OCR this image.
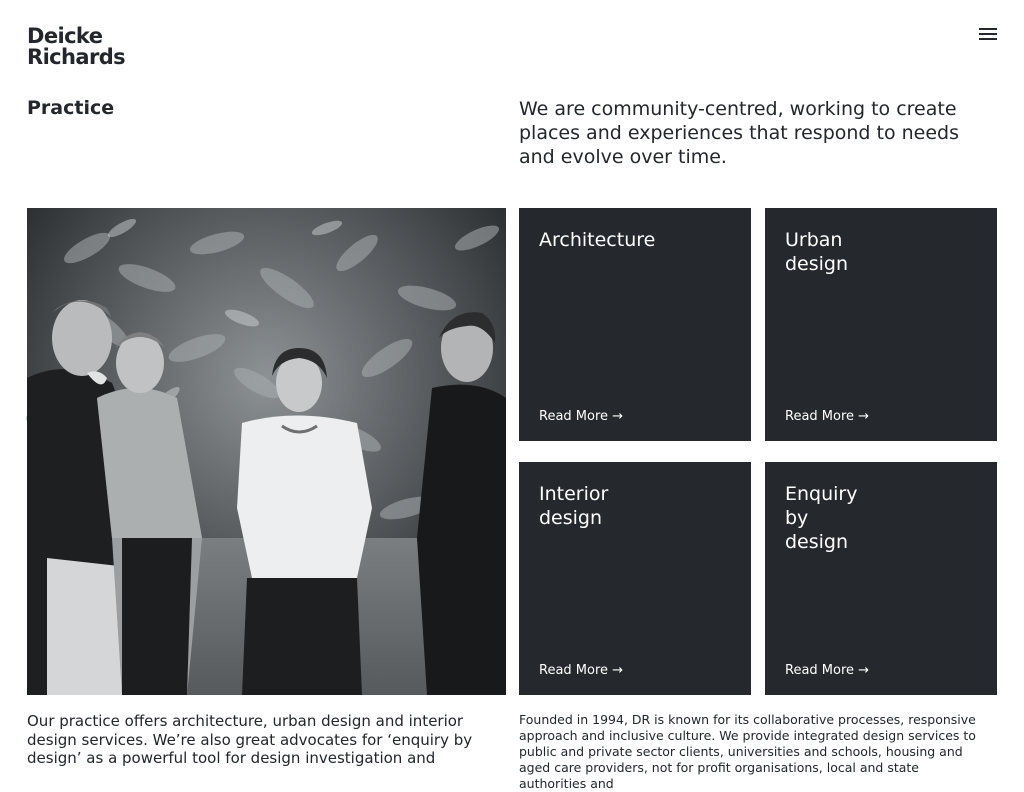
Deicke
Richards
Practice	We are community-centred, working to create places and experiences that respond to needs and evolve over time.

Architecture
Read More →
Urban design
Read More →
Interior design
Read More →
Enquiry by design
Read More →

Our practice offers architecture, urban design and interior design services. We’re also great advocates for ‘enquiry by design’ as a powerful tool for design investigation and

Founded in 1994, DR is known for its collaborative processes, responsive approach and inclusive culture. We provide integrated design services to public and private sector clients, universities and schools, housing and aged care providers, not for profit organisations, local and state authorities and
